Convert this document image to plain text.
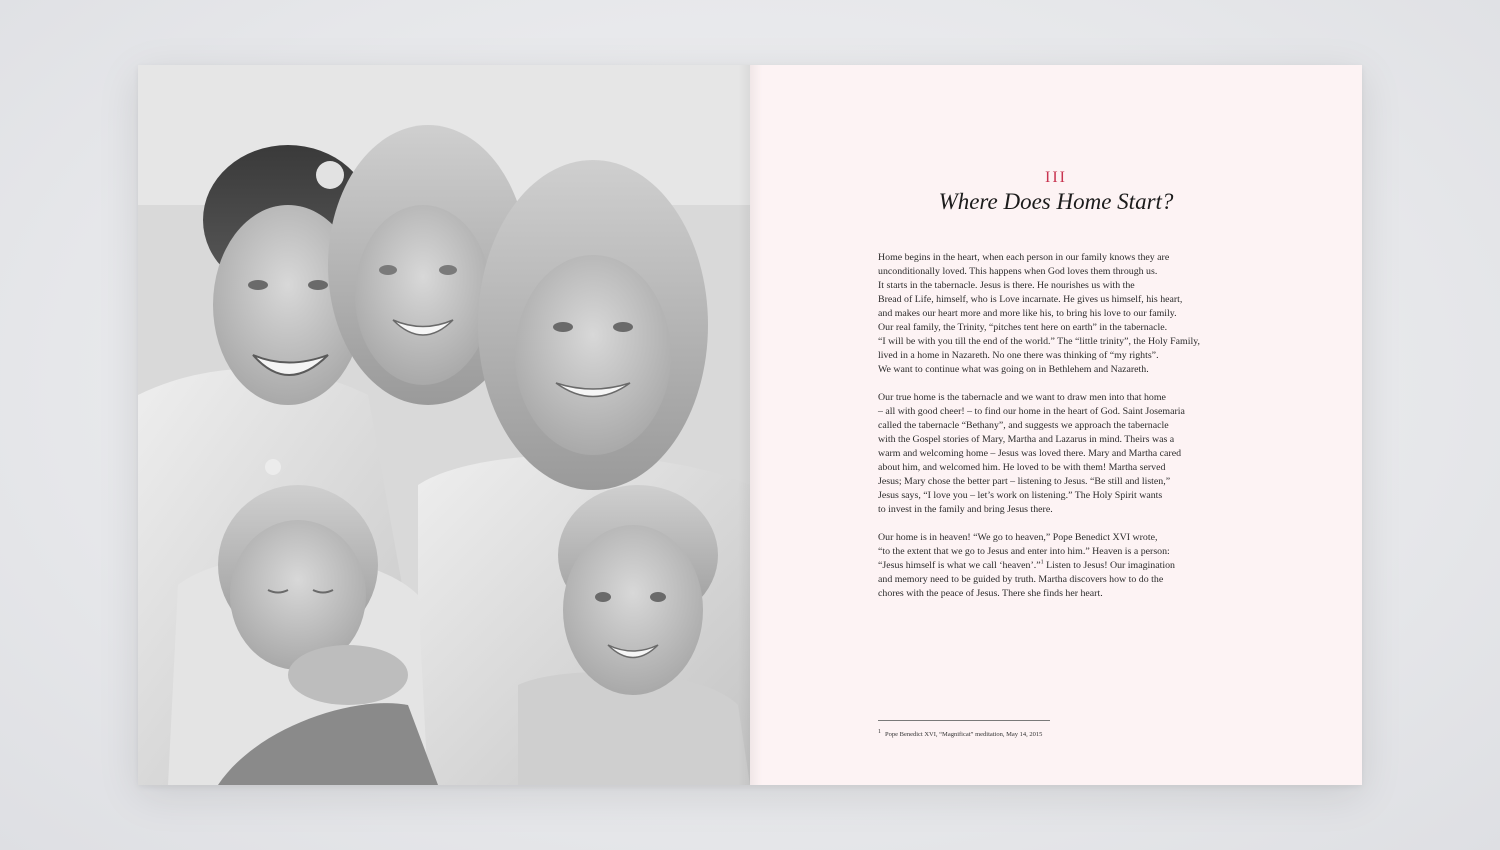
III
Where Does Home Start?

Home begins in the heart, when each person in our family knows they are
unconditionally loved. This happens when God loves them through us.
It starts in the tabernacle. Jesus is there. He nourishes us with the
Bread of Life, himself, who is Love incarnate. He gives us himself, his heart,
and makes our heart more and more like his, to bring his love to our family.
Our real family, the Trinity, “pitches tent here on earth” in the tabernacle.
“I will be with you till the end of the world.” The “little trinity”, the Holy Family,
lived in a home in Nazareth. No one there was thinking of “my rights”.
We want to continue what was going on in Bethlehem and Nazareth.

Our true home is the tabernacle and we want to draw men into that home
– all with good cheer! – to find our home in the heart of God. Saint Josemaria
called the tabernacle “Bethany”, and suggests we approach the tabernacle
with the Gospel stories of Mary, Martha and Lazarus in mind. Theirs was a
warm and welcoming home – Jesus was loved there. Mary and Martha cared
about him, and welcomed him. He loved to be with them! Martha served
Jesus; Mary chose the better part – listening to Jesus. “Be still and listen,”
Jesus says, “I love you – let’s work on listening.” The Holy Spirit wants
to invest in the family and bring Jesus there.

Our home is in heaven! “We go to heaven,” Pope Benedict XVI wrote,
“to the extent that we go to Jesus and enter into him.” Heaven is a person:
“Jesus himself is what we call ‘heaven’.”$^1$ Listen to Jesus! Our imagination
and memory need to be guided by truth. Martha discovers how to do the
chores with the peace of Jesus. There she finds her heart.

1 Pope Benedict XVI, “Magnificat” meditation, May 14, 2015
